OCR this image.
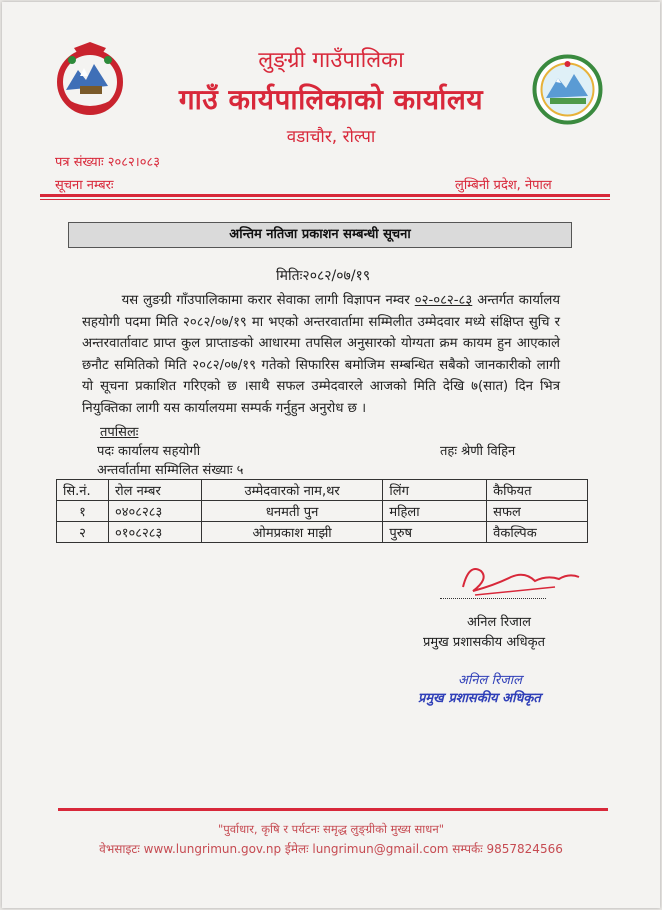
लुङ्ग्री गाउँपालिका
गाउँ कार्यपालिकाको कार्यालय
वडाचौर, रोल्पा
पत्र संख्याः २०८२।०८३
सूचना नम्बरः	लुम्बिनी प्रदेश, नेपाल
अन्तिम नतिजा प्रकाशन सम्बन्धी सूचना
मितिः२०८२/०७/१९
यस लुङग्री गाँउपालिकामा करार सेवाका लागी विज्ञापन नम्वर ०२-०८२-८३ अन्तर्गत कार्यालय सहयोगी पदमा मिति २०८२/०७/१९ मा भएको अन्तरवार्तामा सम्मिलीत उम्मेदवार मध्ये संक्षिप्त सुचि र अन्तरवार्तावाट प्राप्त कुल प्राप्ताङको आधारमा तपसिल अनुसारको योग्यता क्रम कायम हुन आएकाले छनौट समितिको मिति २०८२/०७/१९ गतेको सिफारिस बमोजिम सम्बन्धित सबैको जानकारीको लागी यो सूचना प्रकाशित गरिएको छ ।साथै सफल उम्मेदवारले आजको मिति देखि ७(सात) दिन भित्र नियुक्तिका लागी यस कार्यालयमा सम्पर्क गर्नुहुन अनुरोध छ ।
तपसिलः
पदः कार्यालय सहयोगी	तहः श्रेणी विहिन
अन्तर्वार्तामा सम्मिलित संख्याः ५
सि.नं.	रोल नम्बर	उम्मेदवारको नाम,थर	लिंग	कैफियत
१	०४०८२८३	धनमती पुन	महिला	सफल
२	०१०८२८३	ओमप्रकाश माझी	पुरुष	वैकल्पिक
अनिल रिजाल
प्रमुख प्रशासकीय अधिकृत
अनिल रिजाल
प्रमुख प्रशासकीय अधिकृत
"पुर्वाधार, कृषि र पर्यटनः समृद्ध लुङ्ग्रीको मुख्य साधन"
वेभसाइटः www.lungrimun.gov.np ईमेलः lungrimun@gmail.com सम्पर्कः 9857824566
